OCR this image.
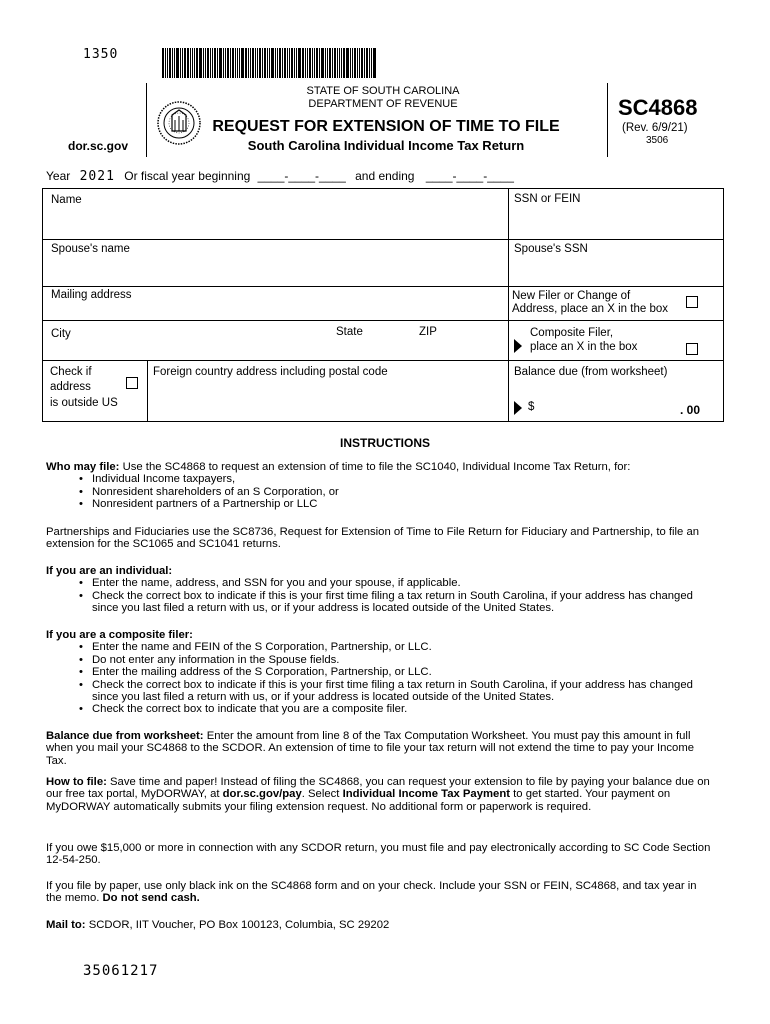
1350
dor.sc.gov
STATE OF SOUTH CAROLINA
DEPARTMENT OF REVENUE
REQUEST FOR EXTENSION OF TIME TO FILE
South Carolina Individual Income Tax Return
SC4868
(Rev. 6/9/21)
3506
Year 2021 Or fiscal year beginning ____-____-____ and ending ____-____-____
Name	SSN or FEIN
Spouse's name	Spouse's SSN
Mailing address	New Filer or Change of
Address, place an X in the box
City	State	ZIP	Composite Filer,
place an X in the box
Check if
address
is outside US
Foreign country address including postal code	Balance due (from worksheet)
$	. 00
INSTRUCTIONS

Who may file: Use the SC4868 to request an extension of time to file the SC1040, Individual Income Tax Return, for:

• Individual Income taxpayers,
• Nonresident shareholders of an S Corporation, or
• Nonresident partners of a Partnership or LLC
Partnerships and Fiduciaries use the SC8736, Request for Extension of Time to File Return for Fiduciary and Partnership, to file an extension for the SC1065 and SC1041 returns.

If you are an individual:

• Enter the name, address, and SSN for you and your spouse, if applicable.
• Check the correct box to indicate if this is your first time filing a tax return in South Carolina, if your address has changed since you last filed a return with us, or if your address is located outside of the United States.

If you are a composite filer:

• Enter the name and FEIN of the S Corporation, Partnership, or LLC.
• Do not enter any information in the Spouse fields.
• Enter the mailing address of the S Corporation, Partnership, or LLC.
• Check the correct box to indicate if this is your first time filing a tax return in South Carolina, if your address has changed since you last filed a return with us, or if your address is located outside of the United States.
• Check the correct box to indicate that you are a composite filer.

Balance due from worksheet: Enter the amount from line 8 of the Tax Computation Worksheet. You must pay this amount in full when you mail your SC4868 to the SCDOR. An extension of time to file your tax return will not extend the time to pay your Income Tax.

How to file: Save time and paper! Instead of filing the SC4868, you can request your extension to file by paying your balance due on our free tax portal, MyDORWAY, at dor.sc.gov/pay. Select Individual Income Tax Payment to get started. Your payment on MyDORWAY automatically submits your filing extension request. No additional form or paperwork is required.

If you owe $15,000 or more in connection with any SCDOR return, you must file and pay electronically according to SC Code Section 12-54-250.

If you file by paper, use only black ink on the SC4868 form and on your check. Include your SSN or FEIN, SC4868, and tax year in the memo. Do not send cash.

Mail to: SCDOR, IIT Voucher, PO Box 100123, Columbia, SC 29202

35061217
